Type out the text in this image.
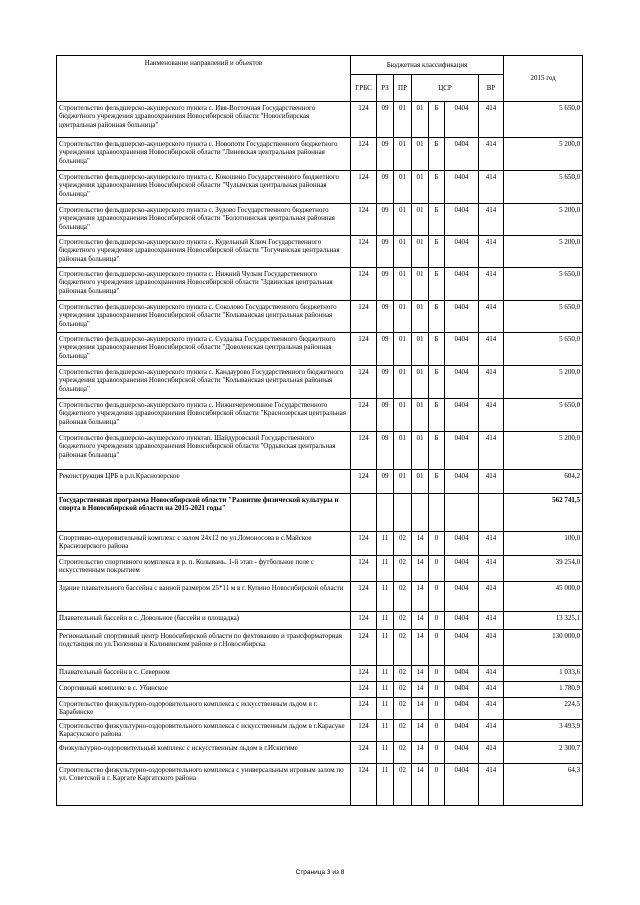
Наименование направлений и объектов	Бюджетная классификация							2015 год
	ГРБС	РЗ	ПР	ЦСР			ВР	
Строительство фельдшерско-акушерского пункта с. Ивя-Восточная Государственного бюджетного учреждения здравоохранения Новосибирской области "Новосибирская центральная районная больница"	124	09	01	01	Б	0404	414	5 650,0
Строительство фельдшерско-акушерского пункта с. Новопоти Государственного бюджетного учреждения здравоохранения Новосибирской области "Линевская центральная районная больница"	124	09	01	01	Б	0404	414	5 200,0
Строительство фельдшерско-акушерского пункта с. Кокошино Государственного бюджетного учреждения здравоохранения Новосибирской области "Чулымская центральная районная больница"	124	09	01	01	Б	0404	414	5 650,0
Строительство фельдшерско-акушерского пункта с. Зудово Государственного бюджетного учреждения здравоохранения Новосибирской области "Болотнинская центральная районная больница"	124	09	01	01	Б	0404	414	5 200,0
Строительство фельдшерско-акушерского пункта с. Кудельный Ключ Государственного бюджетного учреждения здравоохранения Новосибирской области "Тогучинская центральная районная больница"	124	09	01	01	Б	0404	414	5 200,0
Строительство фельдшерско-акушерского пункта с. Нижний Чулым Государственного бюджетного учреждения здравоохранения Новосибирской области "Здвинская центральная районная больница"	124	09	01	01	Б	0404	414	5 650,0
Строительство фельдшерско-акушерского пункта с. Соколово Государственного бюджетного учреждения здравоохранения Новосибирской области "Колыванская центральная районная больница"	124	09	01	01	Б	0404	414	5 650,0
Строительство фельдшерско-акушерского пункта с. Суздалка Государственного бюджетного учреждения здравоохранения Новосибирской области "Доволенская центральная районная больница"	124	09	01	01	Б	0404	414	5 650,0
Строительство фельдшерско-акушерского пункта с. Кандаурово Государственного бюджетного учреждения здравоохранения Новосибирской области "Колыванская центральная районная больница"	124	09	01	01	Б	0404	414	5 200,0
Строительство фельдшерско-акушерского пункта с. Нижнечеремошное Государственного бюджетного учреждения здравоохранения Новосибирской области "Краснозерская центральная районная больница"	124	09	01	01	Б	0404	414	5 650,0
Строительство фельдшерско-акушерского пунктап. Шайдуровский Государственного бюджетного учреждения здравоохранения Новосибирской области "Ордынская центральная районная больница"	124	09	01	01	Б	0404	414	5 200,0
Реконструкция ЦРБ в р.п.Краснозерское	124	09	01	01	Б	0404	414	604,2
Государственная программа Новосибирской области "Развитие физической культуры и спорта в Новосибирской области на 2015-2021 годы"								562 741,5
Спортивно-оздоровительный комплекс с залом 24х12 по ул.Ломоносова в с.Майское Краснозерского района	124	11	02	14	0	0404	414	100,0
Строительство спортивного комплекса в р. п. Колывань. 1-й этап - футбольное поле с искусственным покрытием	124	11	02	14	0	0404	414	39 254,0
Здание плавательного бассейна с ванной размером 25*11 м в г. Купино Новосибирской области	124	11	02	14	0	0404	414	45 000,0
Плавательный бассейн в с. Довольное (бассейн и площадка)	124	11	02	14	0	0404	414	13 325,1
Региональный спортивный центр Новосибирской области по фехтованию и трансформаторная подстанция по ул.Тюленина в Калининском районе в г.Новосибирска	124	11	02	14	0	0404	414	130 000,0
Плавательный бассейн в с. Северном	124	11	02	14	0	0404	414	1 033,6
Спортивный комплекс в с. Убинское	124	11	02	14	0	0404	414	1 780,9
Строительство физкультурно-оздоровительного комплекса с искусственным льдом в г. Барабинске	124	11	02	14	0	0404	414	224,5
Строительство физкультурно-оздоровительного комплекса с искусственным льдом в г.Карасуке Карасукского района	124	11	02	14	0	0404	414	3 493,9
Физкультурно-оздоровительный комплекс с искусственным льдом в г.Искитиме	124	11	02	14	0	0404	414	2 300,7
Строительство физкультурно-оздоровительного комплекса с универсальным игровым залом по ул. Советской в г. Каргате Каргатского района	124	11	02	14	0	0404	414	64,3
Страница 3 из 8
